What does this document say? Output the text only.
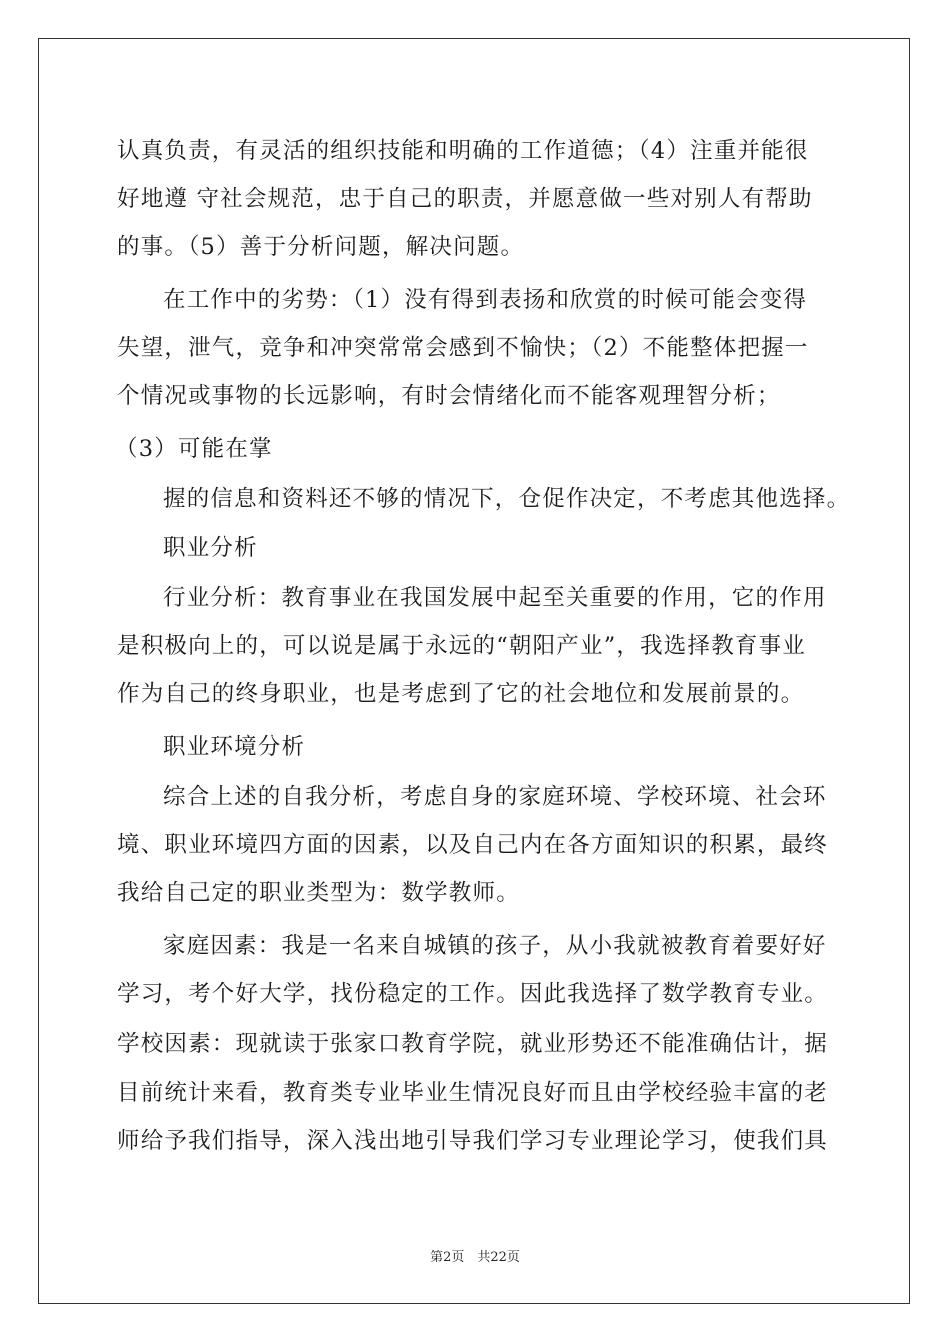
认真负责，有灵活的组织技能和明确的工作道德；（4）注重并能很
好地遵 守社会规范，忠于自己的职责，并愿意做一些对别人有帮助
的事。（5）善于分析问题，解决问题。
在工作中的劣势：（1）没有得到表扬和欣赏的时候可能会变得
失望，泄气，竞争和冲突常常会感到不愉快；（2）不能整体把握一
个情况或事物的长远影响，有时会情绪化而不能客观理智分析；
（3）可能在掌
握的信息和资料还不够的情况下，仓促作决定，不考虑其他选择。
职业分析
行业分析：教育事业在我国发展中起至关重要的作用，它的作用
是积极向上的，可以说是属于永远的“朝阳产业”，我选择教育事业
作为自己的终身职业，也是考虑到了它的社会地位和发展前景的。
职业环境分析
综合上述的自我分析，考虑自身的家庭环境、学校环境、社会环
境、职业环境四方面的因素，以及自己内在各方面知识的积累，最终
我给自己定的职业类型为：数学教师。
家庭因素：我是一名来自城镇的孩子，从小我就被教育着要好好
学习，考个好大学，找份稳定的工作。因此我选择了数学教育专业。
学校因素：现就读于张家口教育学院，就业形势还不能准确估计，据
目前统计来看，教育类专业毕业生情况良好而且由学校经验丰富的老
师给予我们指导，深入浅出地引导我们学习专业理论学习，使我们具
第2页　共22页
